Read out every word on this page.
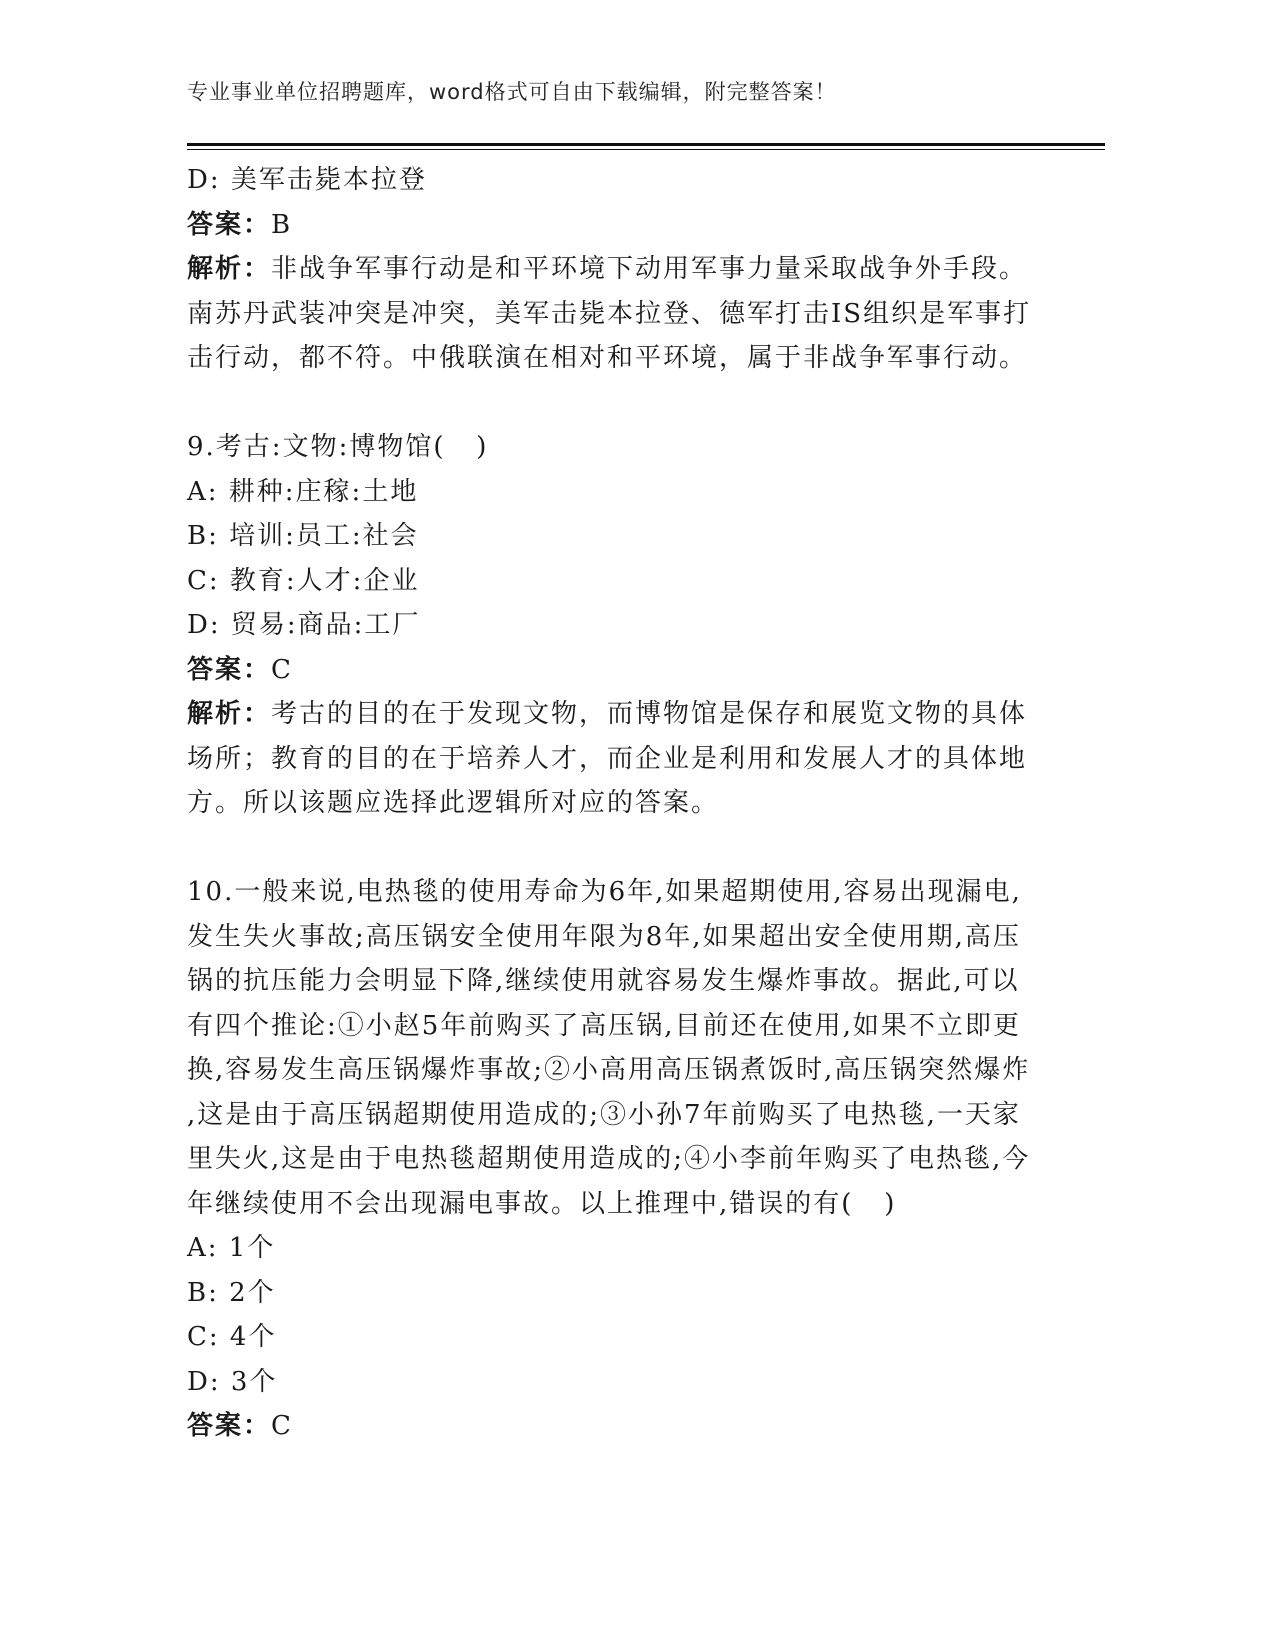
专业事业单位招聘题库，word格式可自由下载编辑，附完整答案！
D: 美军击毙本拉登
答案：B
解析：非战争军事行动是和平环境下动用军事力量采取战争外手段。
南苏丹武装冲突是冲突，美军击毙本拉登、德军打击IS组织是军事打
击行动，都不符。中俄联演在相对和平环境，属于非战争军事行动。
9.考古:文物:博物馆(   )
A: 耕种:庄稼:土地
B: 培训:员工:社会
C: 教育:人才:企业
D: 贸易:商品:工厂
答案：C
解析：考古的目的在于发现文物，而博物馆是保存和展览文物的具体
场所；教育的目的在于培养人才，而企业是利用和发展人才的具体地
方。所以该题应选择此逻辑所对应的答案。
10.一般来说,电热毯的使用寿命为6年,如果超期使用,容易出现漏电,
发生失火事故;高压锅安全使用年限为8年,如果超出安全使用期,高压
锅的抗压能力会明显下降,继续使用就容易发生爆炸事故。据此,可以
有四个推论:①小赵5年前购买了高压锅,目前还在使用,如果不立即更
换,容易发生高压锅爆炸事故;②小高用高压锅煮饭时,高压锅突然爆炸
,这是由于高压锅超期使用造成的;③小孙7年前购买了电热毯,一天家
里失火,这是由于电热毯超期使用造成的;④小李前年购买了电热毯,今
年继续使用不会出现漏电事故。以上推理中,错误的有(   )
A: 1个
B: 2个
C: 4个
D: 3个
答案：C
